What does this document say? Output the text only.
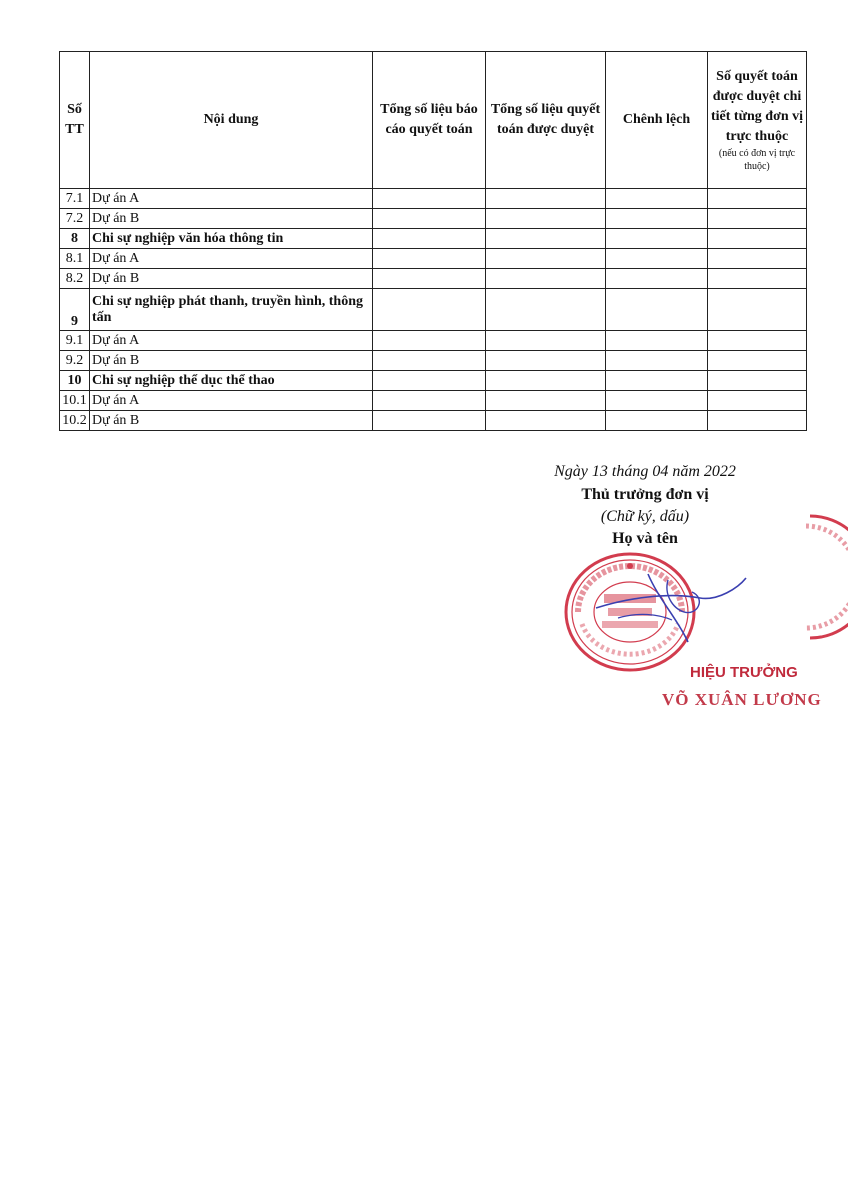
Số TT	Nội dung	Tổng số liệu báo cáo quyết toán	Tổng số liệu quyết toán được duyệt	Chênh lệch	Số quyết toán được duyệt chi tiết từng đơn vị trực thuộc
(nếu có đơn vị trực thuộc)

7.1	Dự án A				
7.2	Dự án B				
8	Chi sự nghiệp văn hóa thông tin				
8.1	Dự án A				
8.2	Dự án B				
9	Chi sự nghiệp phát thanh, truyền hình, thông tấn				
9.1	Dự án A				
9.2	Dự án B				
10	Chi sự nghiệp thể dục thể thao				
10.1	Dự án A				
10.2	Dự án B				
Ngày 13 tháng 04 năm 2022
Thủ trưởng đơn vị
(Chữ ký, dấu)
Họ và tên
HIỆU TRƯỞNG
VÕ XUÂN LƯƠNG
